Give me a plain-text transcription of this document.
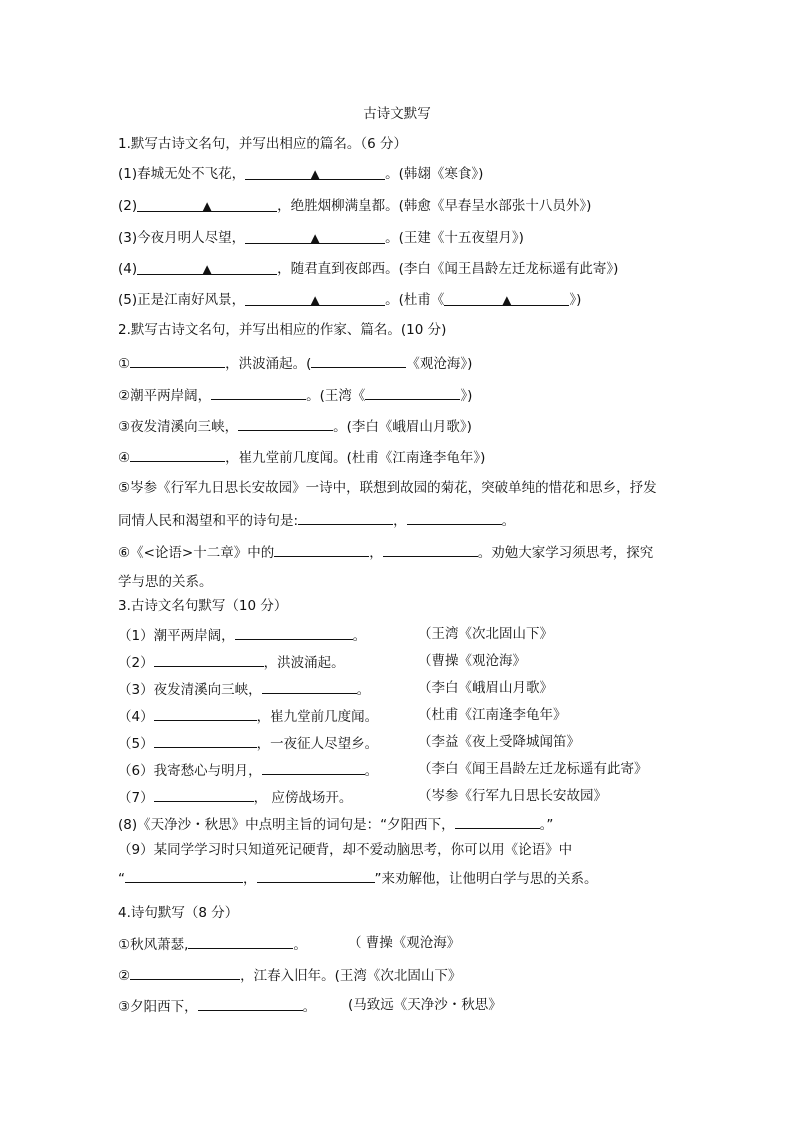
古诗文默写
1.默写古诗文名句，并写出相应的篇名。（6 分）
(1)春城无处不飞花，	▲	。(韩翃《寒食》)
(2)	▲	，绝胜烟柳满皇都。(韩愈《早春呈水部张十八员外》)
(3)今夜月明人尽望，	▲	。(王建《十五夜望月》)
(4)	▲	，随君直到夜郎西。(李白《闻王昌龄左迁龙标遥有此寄》)
(5)正是江南好风景，	▲	。(杜甫《	▲	》)
2.默写古诗文名句，并写出相应的作家、篇名。(10 分)
①	，洪波涌起。(	《观沧海》)
②潮平两岸阔，	。(王湾《	》)
③夜发清溪向三峡，	。(李白《峨眉山月歌》)
④	，崔九堂前几度闻。(杜甫《江南逢李龟年》)
⑤岑参《行军九日思长安故园》一诗中，联想到故园的菊花，突破单纯的惜花和思乡，抒发
同情人民和渴望和平的诗句是:	，	。
⑥《<论语>十二章》中的	，	。劝勉大家学习须思考，探究
学与思的关系。
3.古诗文名句默写（10 分）
（1）潮平两岸阔，	。	（王湾《次北固山下》
（2）	，洪波涌起。	（曹操《观沧海》
（3）夜发清溪向三峡，	。	（李白《峨眉山月歌》
（4）	，崔九堂前几度闻。	（杜甫《江南逢李龟年》
（5）	，一夜征人尽望乡。	（李益《夜上受降城闻笛》
（6）我寄愁心与明月，	。	（李白《闻王昌龄左迁龙标遥有此寄》
（7）	， 应傍战场开。	（岑参《行军九日思长安故园》
(8)《天净沙・秋思》中点明主旨的词句是：“夕阳西下，	。”
（9）某同学学习时只知道死记硬背，却不爱动脑思考，你可以用《论语》中
“	，	”来劝解他，让他明白学与思的关系。
4.诗句默写（8 分）
①秋风萧瑟,	。	（ 曹操《观沧海》
②	，江春入旧年。(王湾《次北固山下》
③夕阳西下，	。 (马致远《天净沙・秋思》
